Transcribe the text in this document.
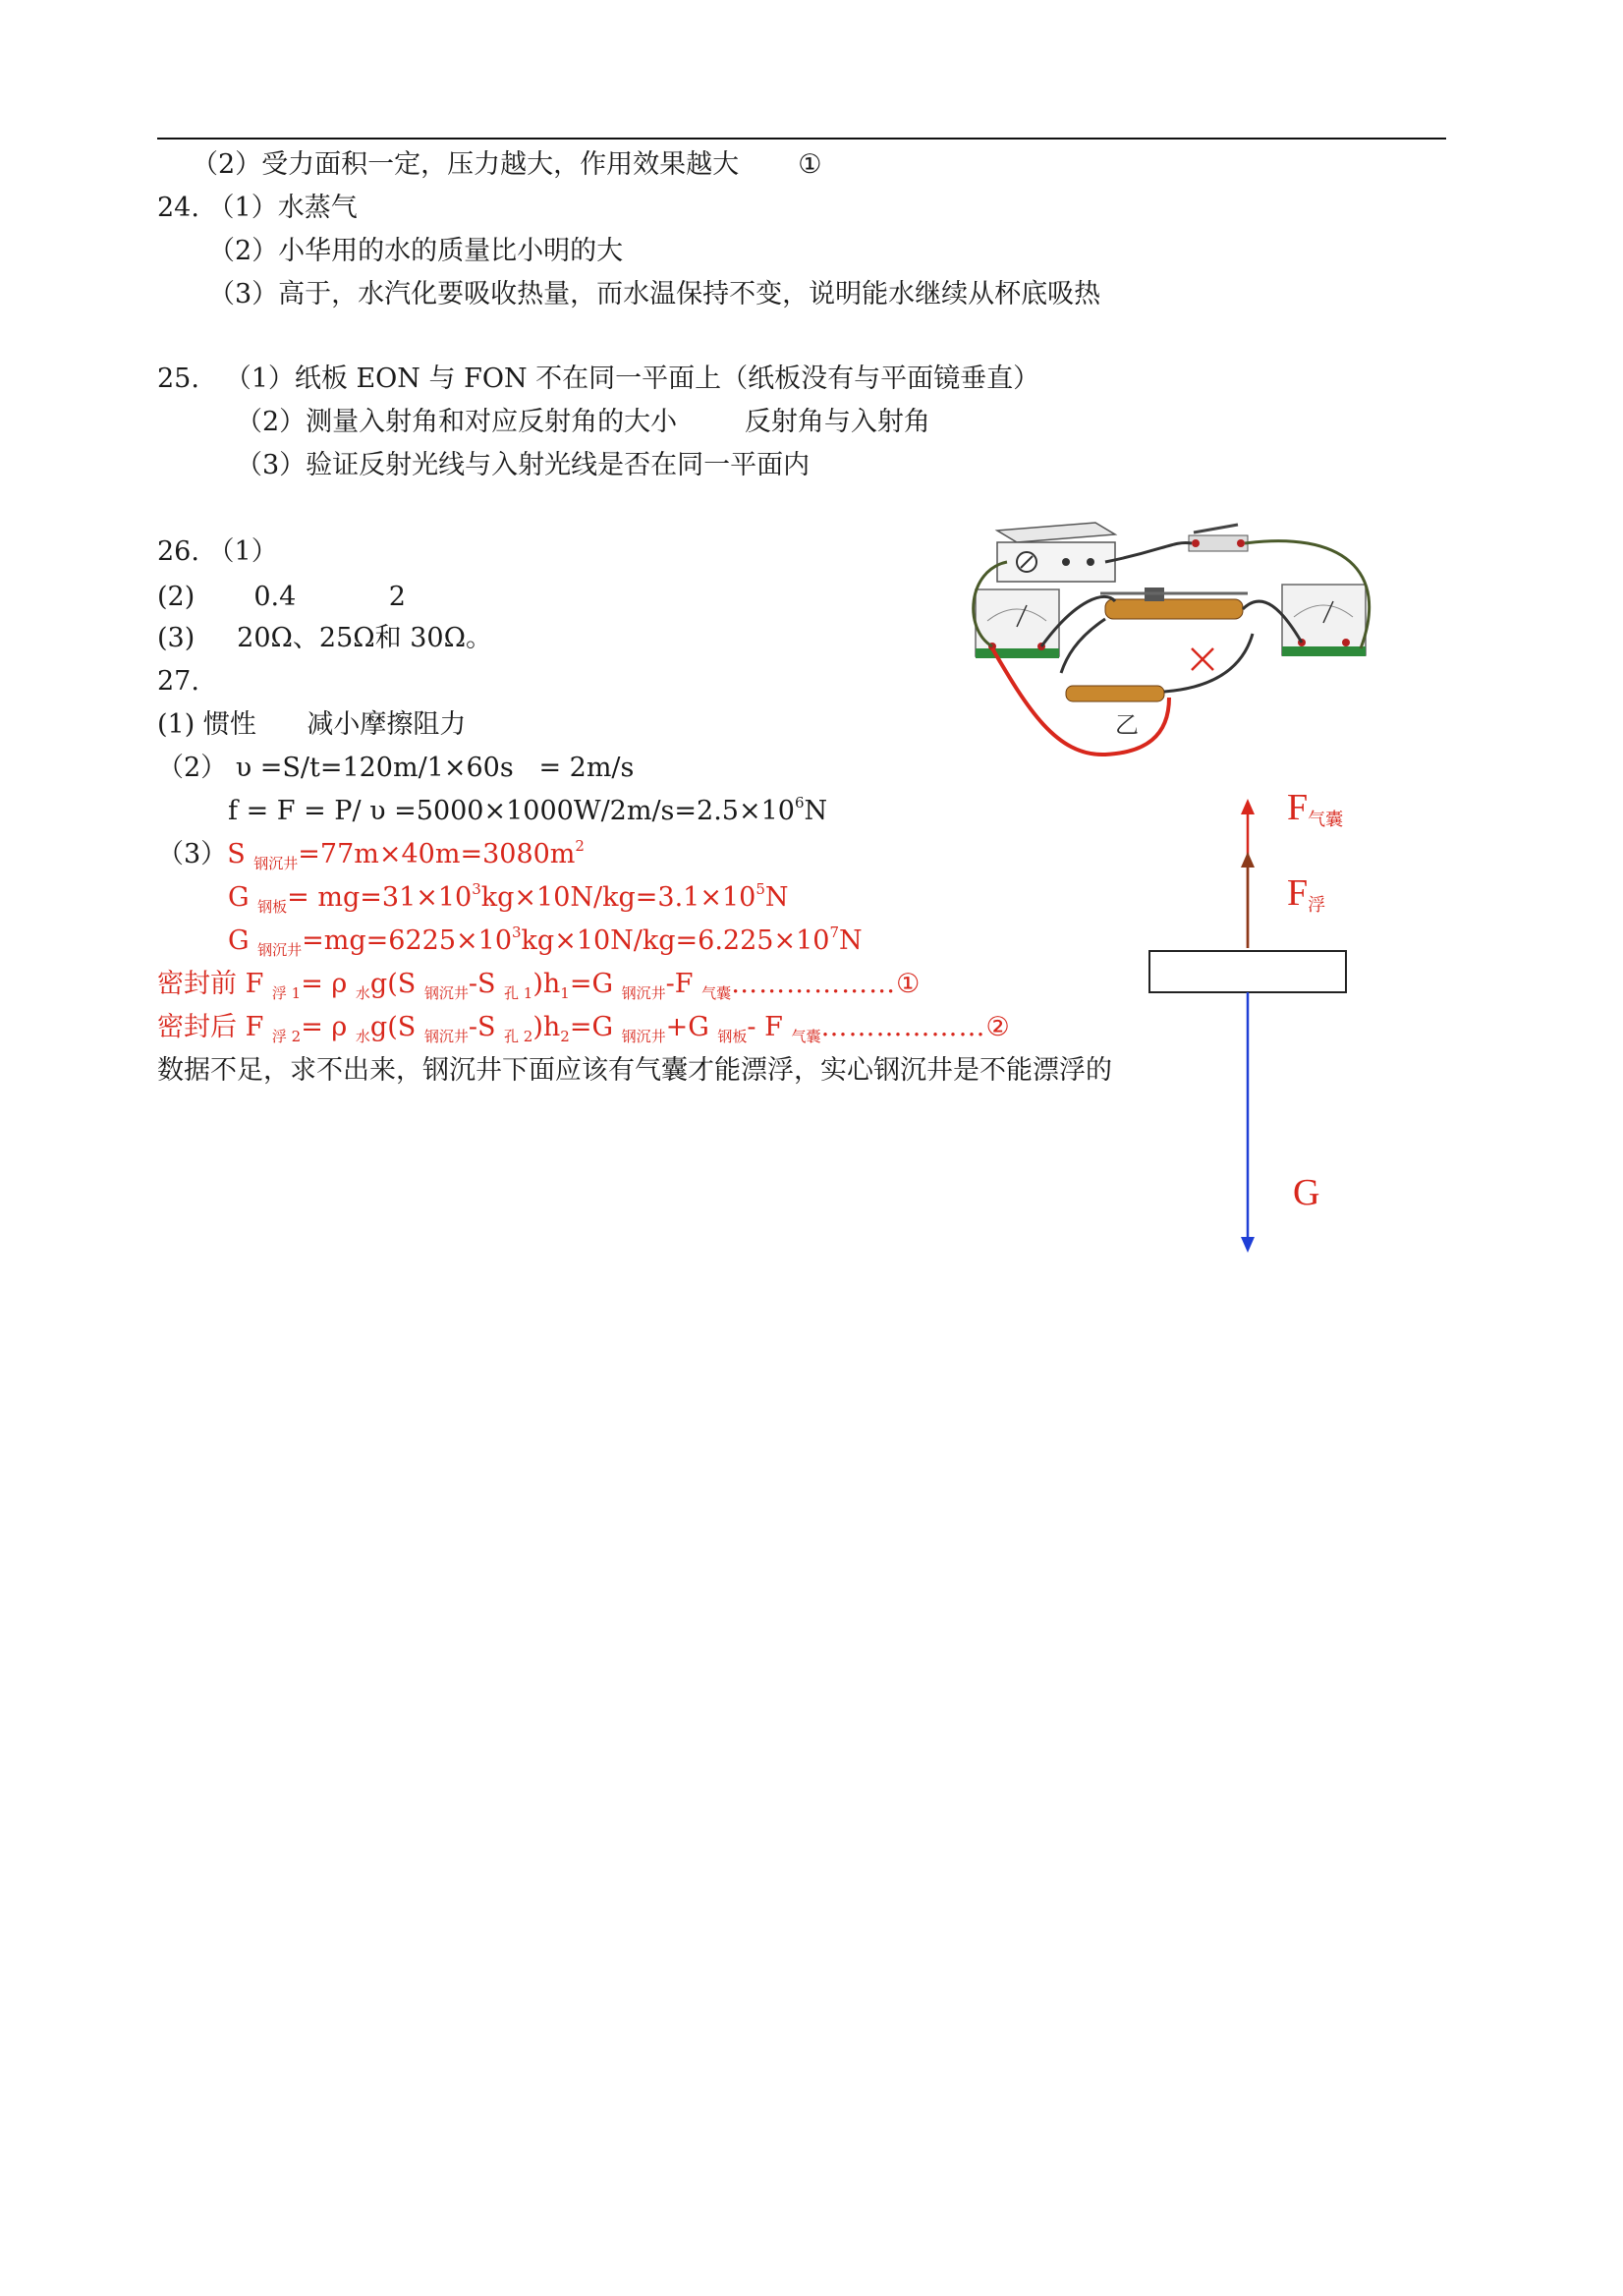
（2）受力面积一定，压力越大，作用效果越大 ①
24. （1）水蒸气
（2）小华用的水的质量比小明的大
（3）高于，水汽化要吸收热量，而水温保持不变，说明能水继续从杯底吸热
25. （1）纸板 EON 与 FON 不在同一平面上（纸板没有与平面镜垂直）
（2）测量入射角和对应反射角的大小	反射角与入射角
（3）验证反射光线与入射光线是否在同一平面内
26. （1）
(2) 0.4	2
(3) 20Ω、25Ω和 30Ω。
乙
27.
(1) 惯性 减小摩擦阻力
（2） υ =S/t=120m/1×60s   = 2m/s
f = F = P/ $\upsilon =5000\times 1000W/2m/s=2.5\times 10^6N$
（3）S $_{钢沉井}=77m\times 40m=3080m^2$
G $_{钢板}= mg=31\times 10^3kg\times 10N/kg=3.1\times 10^5N$
G $_{钢沉井}=mg=6225\times 10^3kg\times 10N/kg=6.225\times 10^7N$
密封前 F $_{浮 1}$= ρ $_水$g(S $_{钢沉井}$-S $_{孔 1})h_1=G$ $_{钢沉井}$-F $_{气囊}$………………①
密封后 F $_{浮 2}$= ρ $_水$g(S $_{钢沉井}$-S $_{孔 2})h_2=G$ $_{钢沉井}$+G $_{钢板}$- F $_{气囊}$………………②
数据不足，求不出来，钢沉井下面应该有气囊才能漂浮，实心钢沉井是不能漂浮的
F气囊
F浮
G
